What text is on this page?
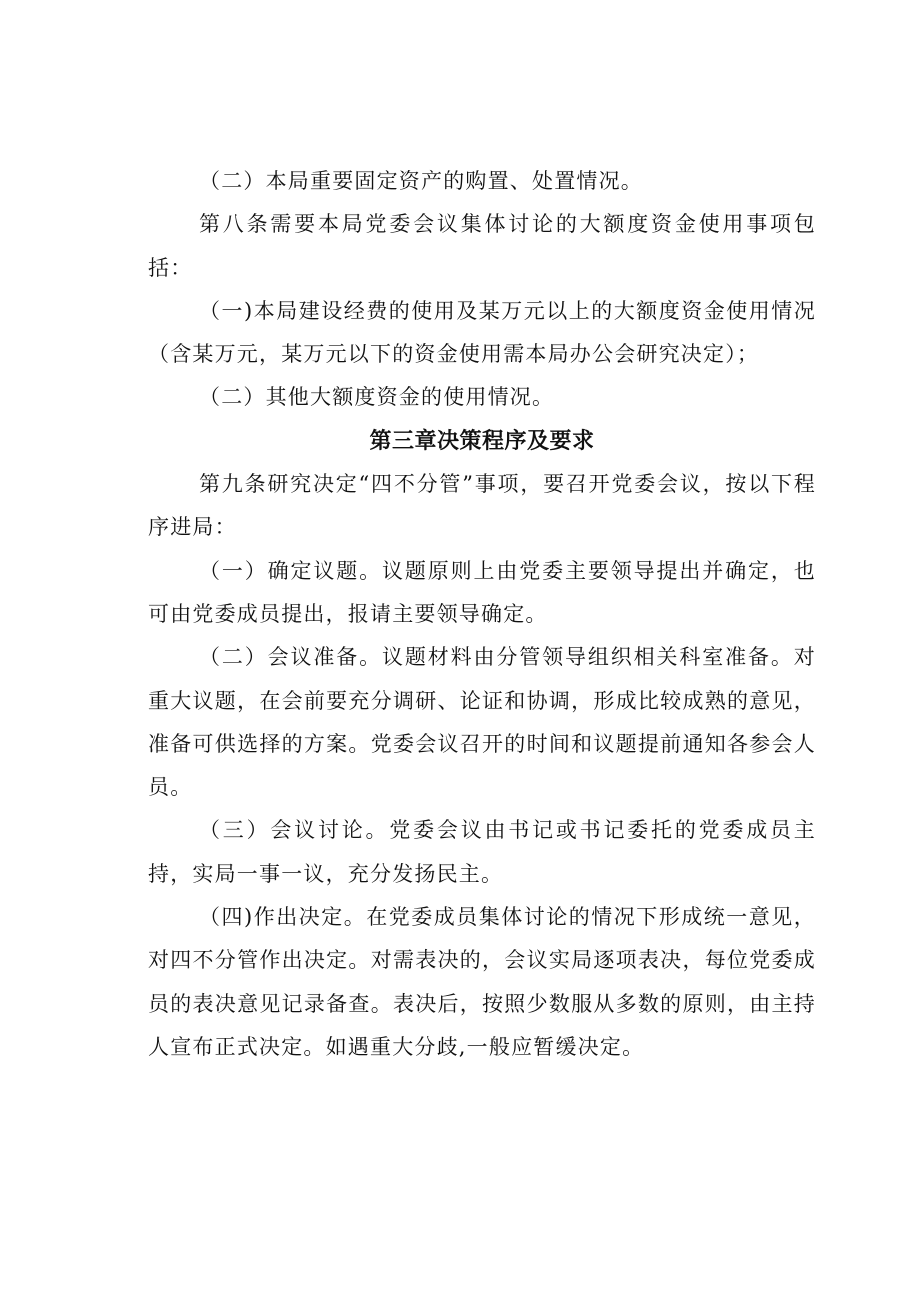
（二）本局重要固定资产的购置、处置情况。

第八条需要本局党委会议集体讨论的大额度资金使用事项包括：

（一)本局建设经费的使用及某万元以上的大额度资金使用情况（含某万元，某万元以下的资金使用需本局办公会研究决定）；

（二）其他大额度资金的使用情况。

第三章决策程序及要求

第九条研究决定“四不分管”事项，要召开党委会议，按以下程序进局：

（一）确定议题。议题原则上由党委主要领导提出并确定，也可由党委成员提出，报请主要领导确定。

（二）会议准备。议题材料由分管领导组织相关科室准备。对重大议题，在会前要充分调研、论证和协调，形成比较成熟的意见，准备可供选择的方案。党委会议召开的时间和议题提前通知各参会人员。

（三）会议讨论。党委会议由书记或书记委托的党委成员主持，实局一事一议，充分发扬民主。

（四)作出决定。在党委成员集体讨论的情况下形成统一意见，对四不分管作出决定。对需表决的，会议实局逐项表决，每位党委成员的表决意见记录备查。表决后，按照少数服从多数的原则，由主持人宣布正式决定。如遇重大分歧,一般应暂缓决定。
